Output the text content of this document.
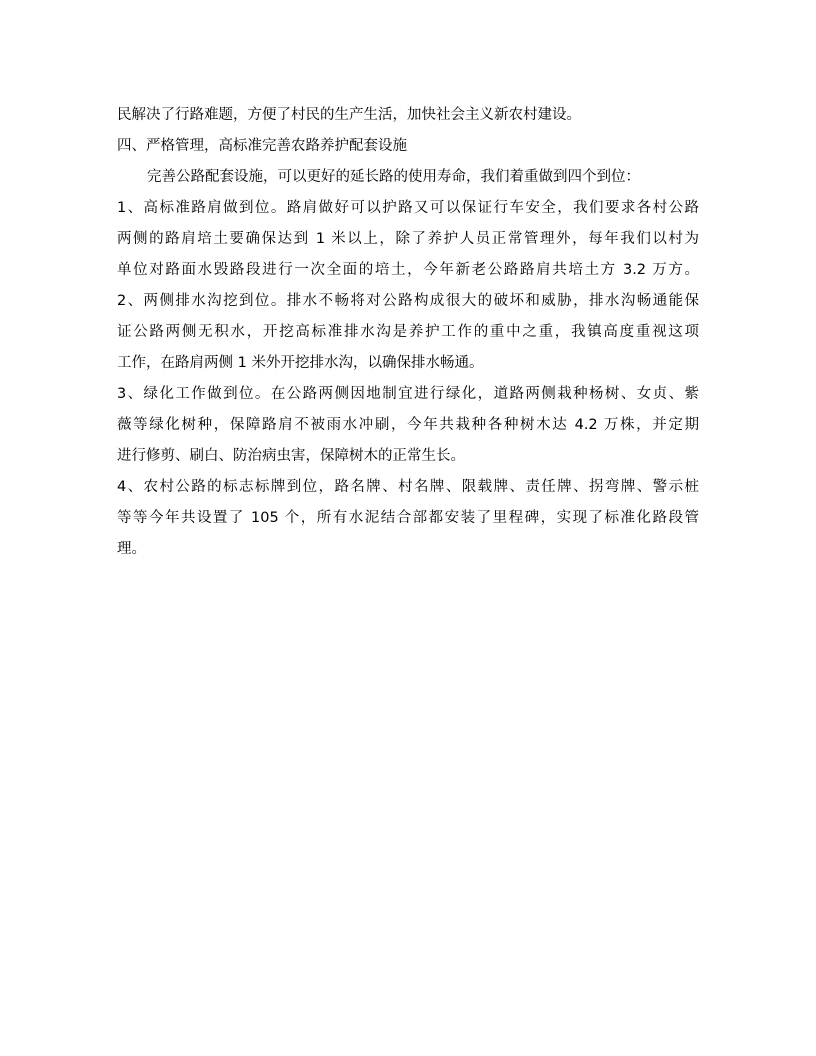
民解决了行路难题，方便了村民的生产生活，加快社会主义新农村建设。
四、严格管理，高标准完善农路养护配套设施
完善公路配套设施，可以更好的延长路的使用寿命，我们着重做到四个到位：
1、高标准路肩做到位。路肩做好可以护路又可以保证行车安全，我们要求各村公路
两侧的路肩培土要确保达到 1 米以上，除了养护人员正常管理外，每年我们以村为
单位对路面水毁路段进行一次全面的培土，今年新老公路路肩共培土方 3.2 万方。
2、两侧排水沟挖到位。排水不畅将对公路构成很大的破坏和威胁，排水沟畅通能保
证公路两侧无积水，开挖高标准排水沟是养护工作的重中之重，我镇高度重视这项
工作，在路肩两侧 1 米外开挖排水沟，以确保排水畅通。
3、绿化工作做到位。在公路两侧因地制宜进行绿化，道路两侧栽种杨树、女贞、紫
薇等绿化树种，保障路肩不被雨水冲刷，今年共栽种各种树木达 4.2 万株，并定期
进行修剪、刷白、防治病虫害，保障树木的正常生长。
4、农村公路的标志标牌到位，路名牌、村名牌、限载牌、责任牌、拐弯牌、警示桩
等等今年共设置了 105 个，所有水泥结合部都安装了里程碑，实现了标准化路段管
理。
